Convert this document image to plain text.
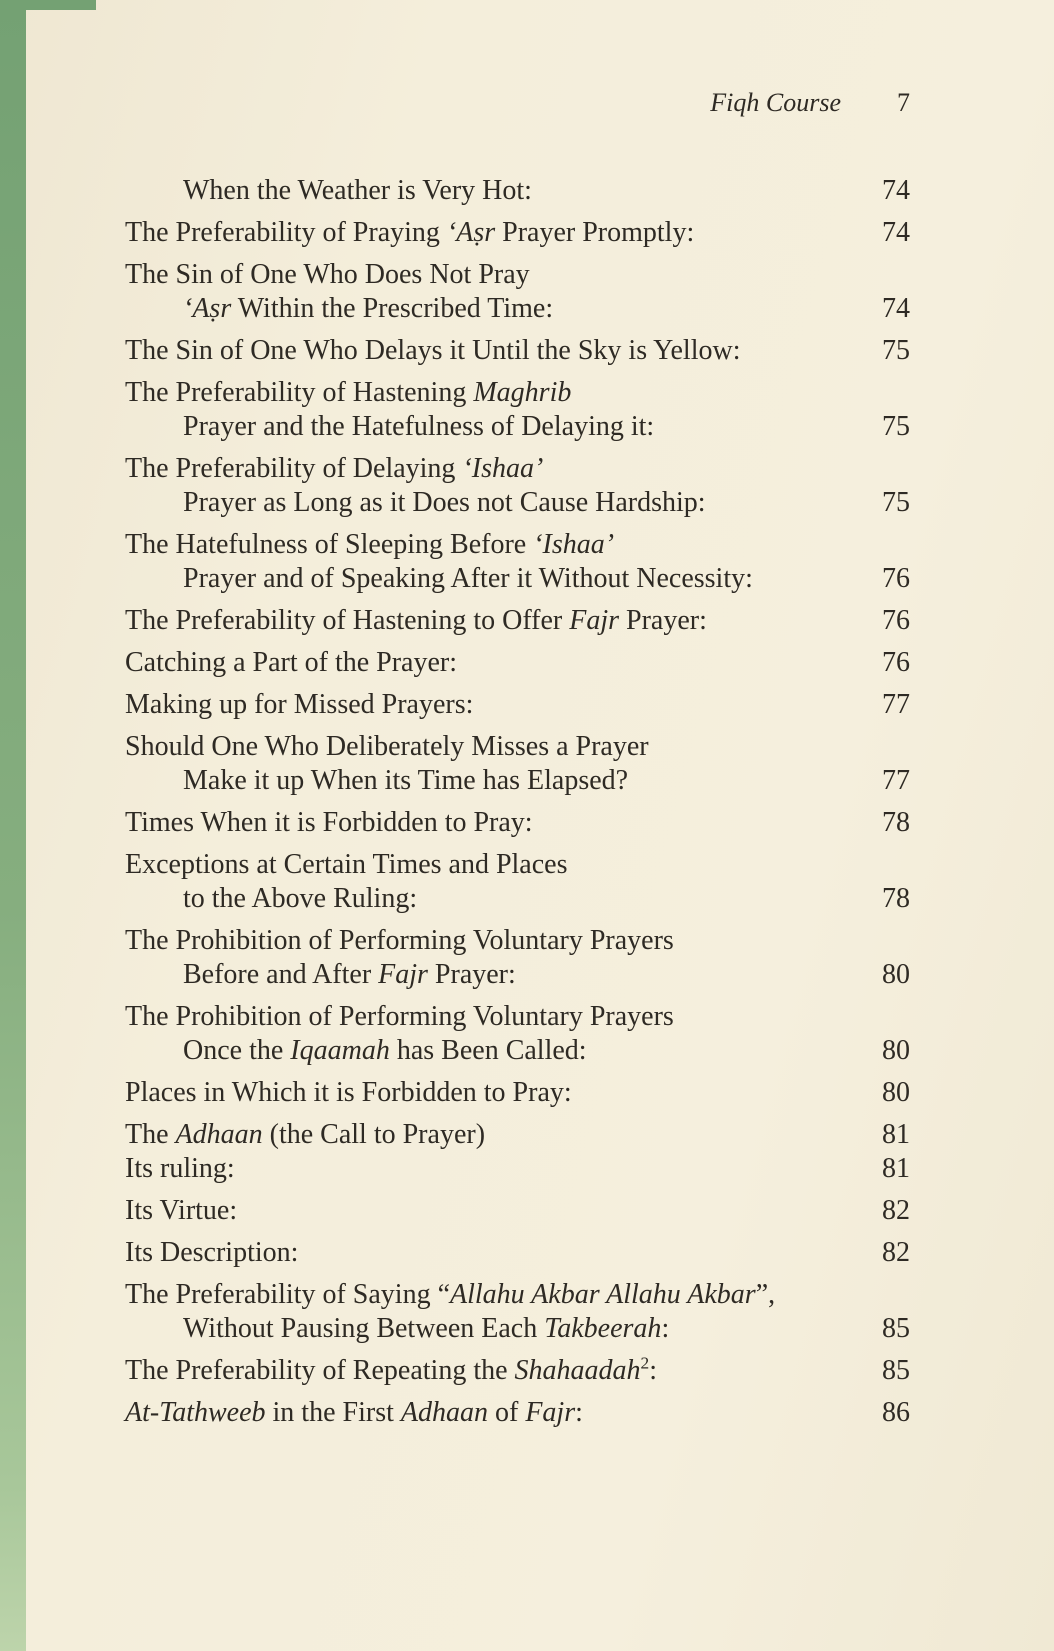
Fiqh Course 7
When the Weather is Very Hot:	74
The Preferability of Praying ‘Aṣr Prayer Promptly:	74
The Sin of One Who Does Not Pray
‘Aṣr Within the Prescribed Time:	74
The Sin of One Who Delays it Until the Sky is Yellow:	75
The Preferability of Hastening Maghrib
Prayer and the Hatefulness of Delaying it:	75
The Preferability of Delaying ‘Ishaa’
Prayer as Long as it Does not Cause Hardship:	75
The Hatefulness of Sleeping Before ‘Ishaa’
Prayer and of Speaking After it Without Necessity:	76
The Preferability of Hastening to Offer Fajr Prayer:	76
Catching a Part of the Prayer:	76
Making up for Missed Prayers:	77
Should One Who Deliberately Misses a Prayer
Make it up When its Time has Elapsed?	77
Times When it is Forbidden to Pray:	78
Exceptions at Certain Times and Places
to the Above Ruling:	78
The Prohibition of Performing Voluntary Prayers
Before and After Fajr Prayer:	80
The Prohibition of Performing Voluntary Prayers
Once the Iqaamah has Been Called:	80
Places in Which it is Forbidden to Pray:	80
The Adhaan (the Call to Prayer)	81
Its ruling:	81
Its Virtue:	82
Its Description:	82
The Preferability of Saying “Allahu Akbar Allahu Akbar”,
Without Pausing Between Each Takbeerah:	85
The Preferability of Repeating the Shahaadah$^2$:	85
At-Tathweeb in the First Adhaan of Fajr:	86
